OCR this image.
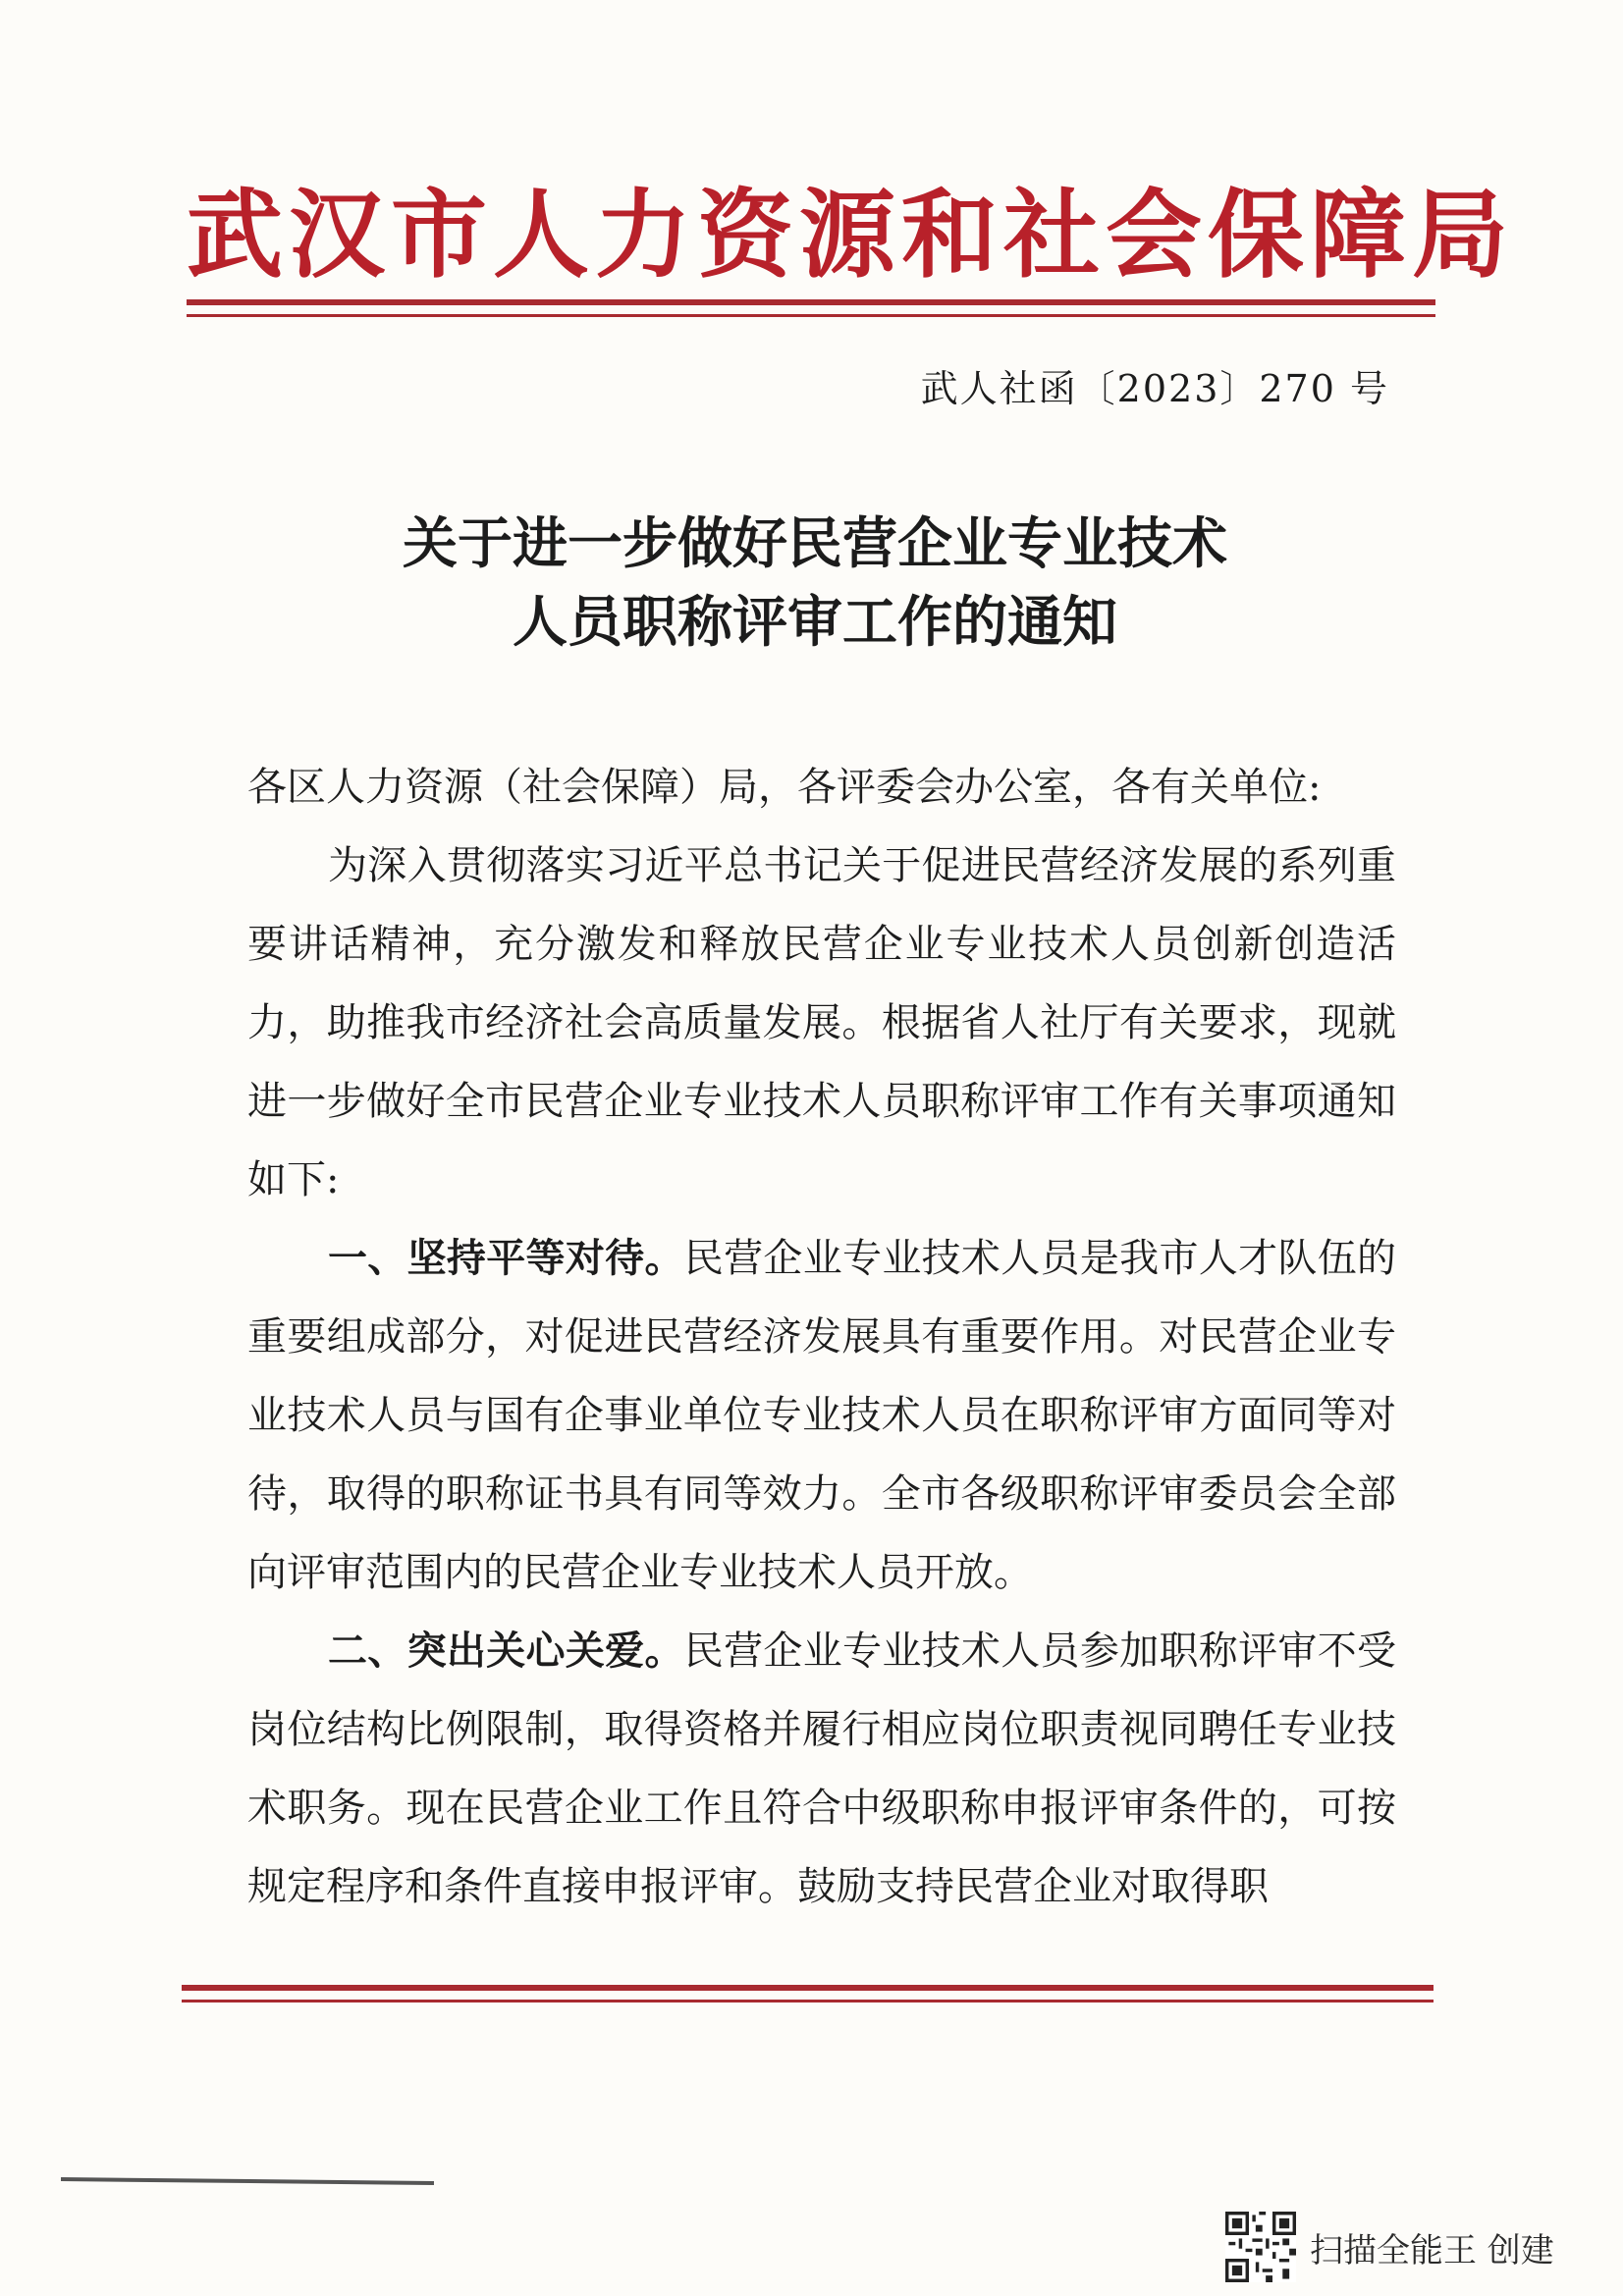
武汉市人力资源和社会保障局
武人社函〔2023〕270 号
关于进一步做好民营企业专业技术
人员职称评审工作的通知

各区人力资源（社会保障）局，各评委会办公室，各有关单位:

为深入贯彻落实习近平总书记关于促进民营经济发展的系列重要讲话精神，充分激发和释放民营企业专业技术人员创新创造活力，助推我市经济社会高质量发展。根据省人社厅有关要求，现就进一步做好全市民营企业专业技术人员职称评审工作有关事项通知如下:

一、坚持平等对待。民营企业专业技术人员是我市人才队伍的重要组成部分，对促进民营经济发展具有重要作用。对民营企业专业技术人员与国有企事业单位专业技术人员在职称评审方面同等对待，取得的职称证书具有同等效力。全市各级职称评审委员会全部向评审范围内的民营企业专业技术人员开放。

二、突出关心关爱。民营企业专业技术人员参加职称评审不受岗位结构比例限制，取得资格并履行相应岗位职责视同聘任专业技术职务。现在民营企业工作且符合中级职称申报评审条件的，可按规定程序和条件直接申报评审。鼓励支持民营企业对取得职

扫描全能王 创建
